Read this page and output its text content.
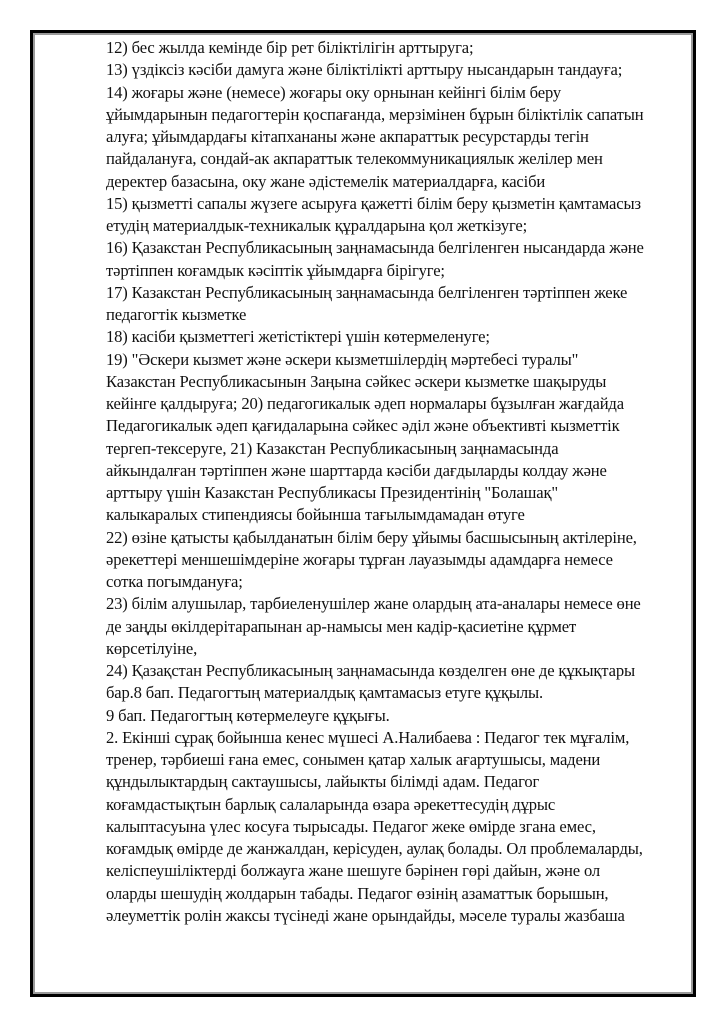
12) бес жылда кемінде бір рет біліктілігін арттыруга;
13) үздіксіз кәсіби дамуга және біліктілікті арттыру нысандарын тандауға;
14) жоғары және (немесе) жоғары оку орнынан кейінгі білім беру
ұйымдарынын педагогтерін қоспағанда, мерзімінен бұрын біліктілік сапатын
алуға; ұйымдардағы кітапхананы және акпараттык ресурстарды тегін
пайдалануға, сондай-ак акпараттык телекоммуникациялык желілер мен
деректер базасына, оку жане әдістемелік материалдарға, касіби
15) қызметті сапалы жүзеге асыруға қажетті білім беру қызметін қамтамасыз
етудің материалдык-техникалык құралдарына қол жеткізуге;
16) Қазакстан Республикасының заңнамасында белгіленген нысандарда және
тәртіппен коғамдык кәсіптік ұйымдарға бірігуге;
17) Казакстан Республикасының заңнамасында белгіленген тәртіппен жеке
педагогтік кызметке
18) касіби қызметтегі жетістіктері үшін көтермеленуге;
19) "Әскери кызмет және әскери кызметшілердің мәртебесі туралы"
Казакстан Республикасынын Заңына сәйкес әскери кызметке шақыруды
кейінге қалдыруға; 20) педагогикалык әдеп нормалары бұзылған жағдайда
Педагогикалык әдеп қағидаларына сәйкес әділ және объективті кызметтік
тергеп-тексеруге, 21) Казакстан Республикасының заңнамасында
айкындалған тәртіппен және шарттарда кәсіби дағдыларды колдау және
арттыру үшін Казакстан Республикасы Президентінің "Болашақ"
калыкаралых стипендиясы бойынша тағылымдамадан өтуге
22) өзіне қатысты қабылданатын білім беру ұйымы басшысының актілеріне,
әрекеттері меншешімдеріне жоғары тұрған лауазымды адамдарға немесе
сотка погымдануға;
23) білім алушылар, тарбиеленушілер жане олардың ата-аналары немесе өне
де заңды өкілдерітарапынан ар-намысы мен кадір-қасиетіне құрмет
көрсетілуіне,
24) Қазақстан Республикасының заңнамасында көзделген өне де құкықтары
бар.8 бап. Педагогтың материалдық қамтамасыз етуге құқылы.
9 бап. Педагогтың көтермелеуге құқығы.
2. Екінші сұрақ бойынша кенес мүшесі А.Налибаева : Педагог тек мұғалім,
тренер, тәрбиеші ғана емес, сонымен қатар халык ағартушысы, мадени
құндылыктардың сактаушысы, лайыкты білімді адам. Педагог
коғамдастықтын барлық салаларында өзара әрекеттесудің дұрыс
калыптасуына үлес косуға тырысады. Педагог жеке өмірде згана емес,
коғамдық өмірде де жанжалдан, керісуден, аулақ болады. Ол проблемаларды,
келіспеушіліктерді болжауга жане шешуге бәрінен гөрі дайын, және ол
оларды шешудің жолдарын табады. Педагог өзінің азаматтык борышын,
әлеуметтік ролін жаксы түсінеді жане орындайды, мәселе туралы жазбаша
